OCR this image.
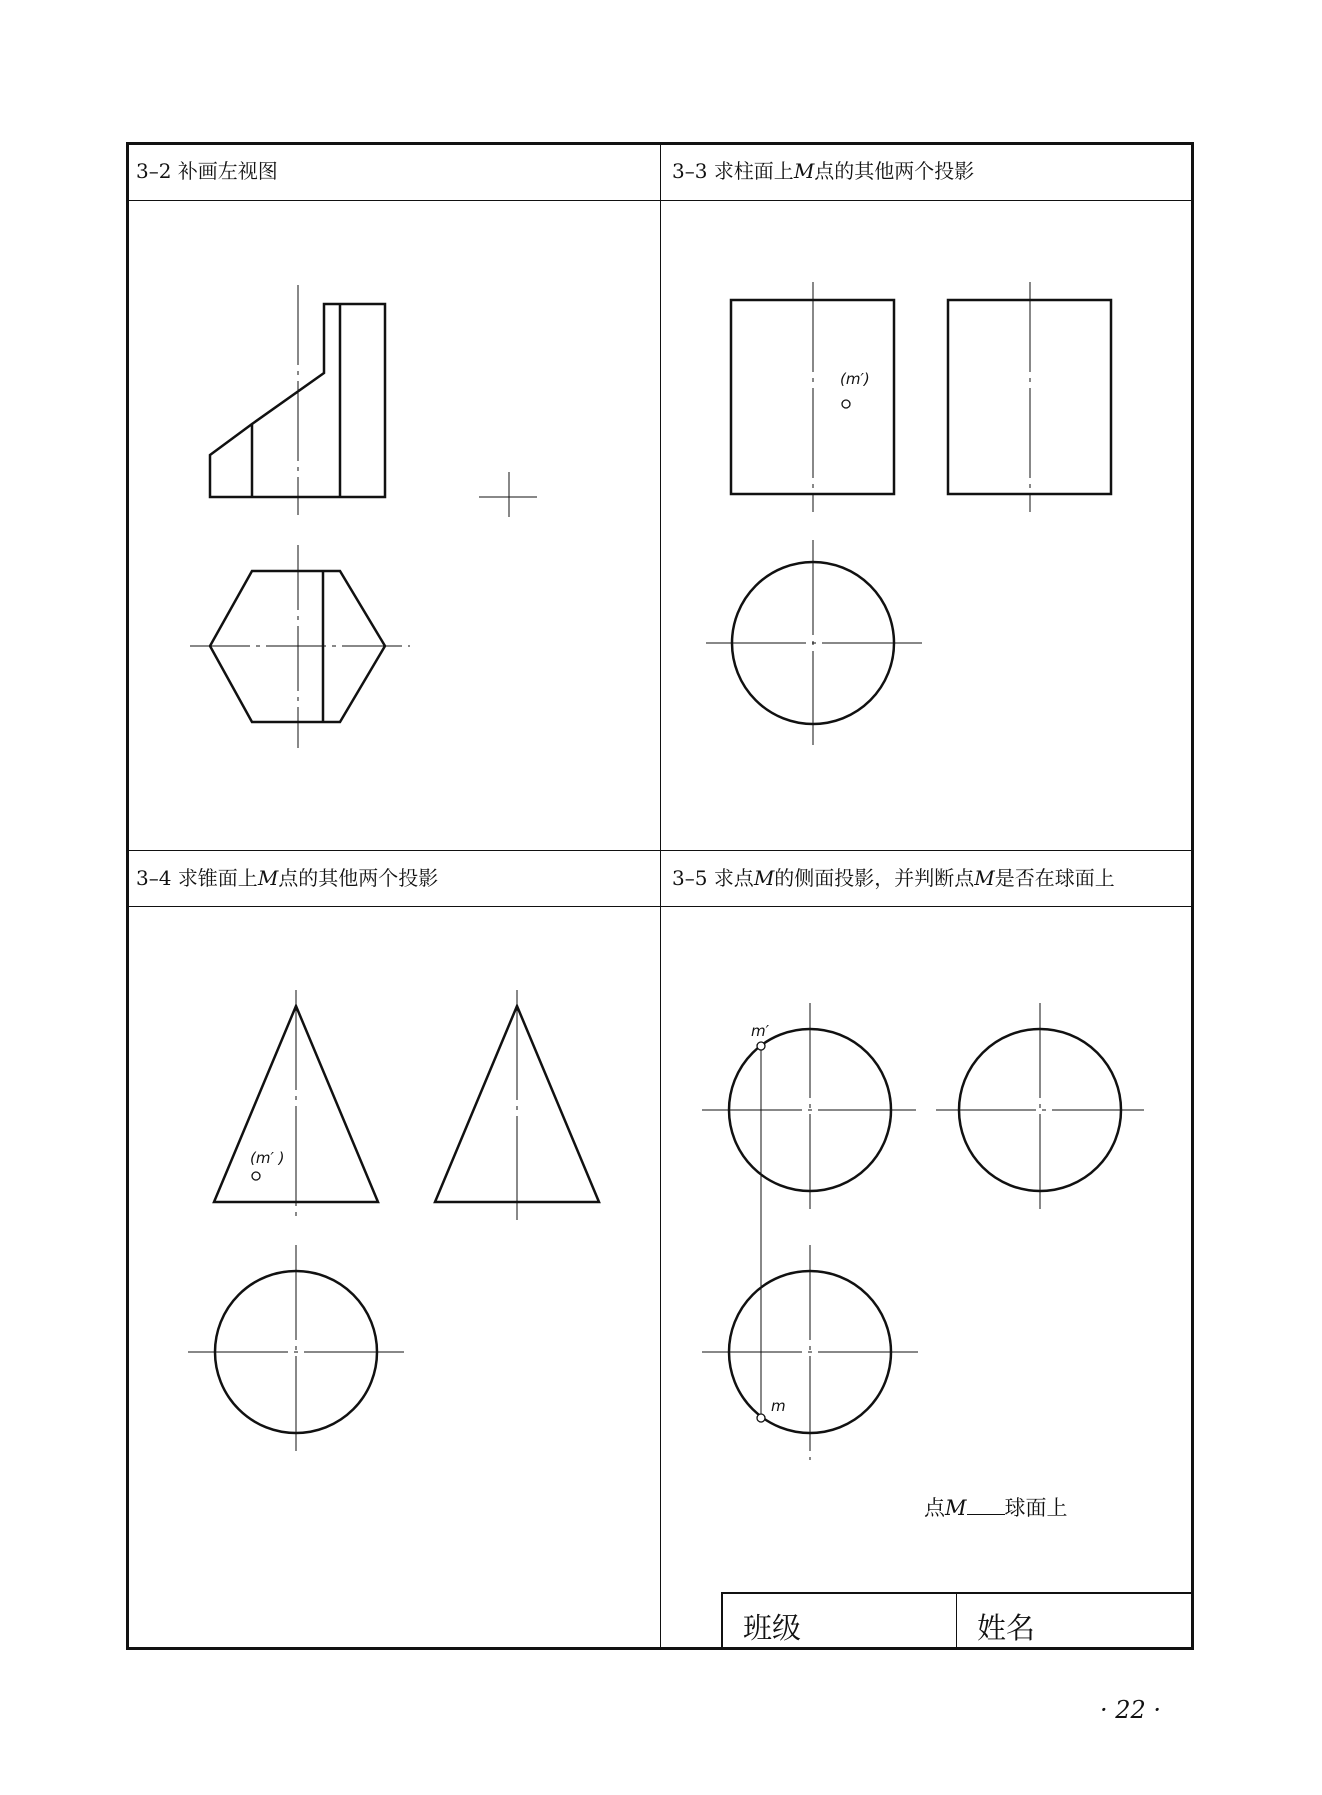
3–2 补画左视图	3–3 求柱面上M点的其他两个投影
3–4 求锥面上M点的其他两个投影	3–5 求点M的侧面投影，并判断点M是否在球面上
(m′)
(m′ )
m′
m
点M 球面上
班级	姓名
· 22 ·
